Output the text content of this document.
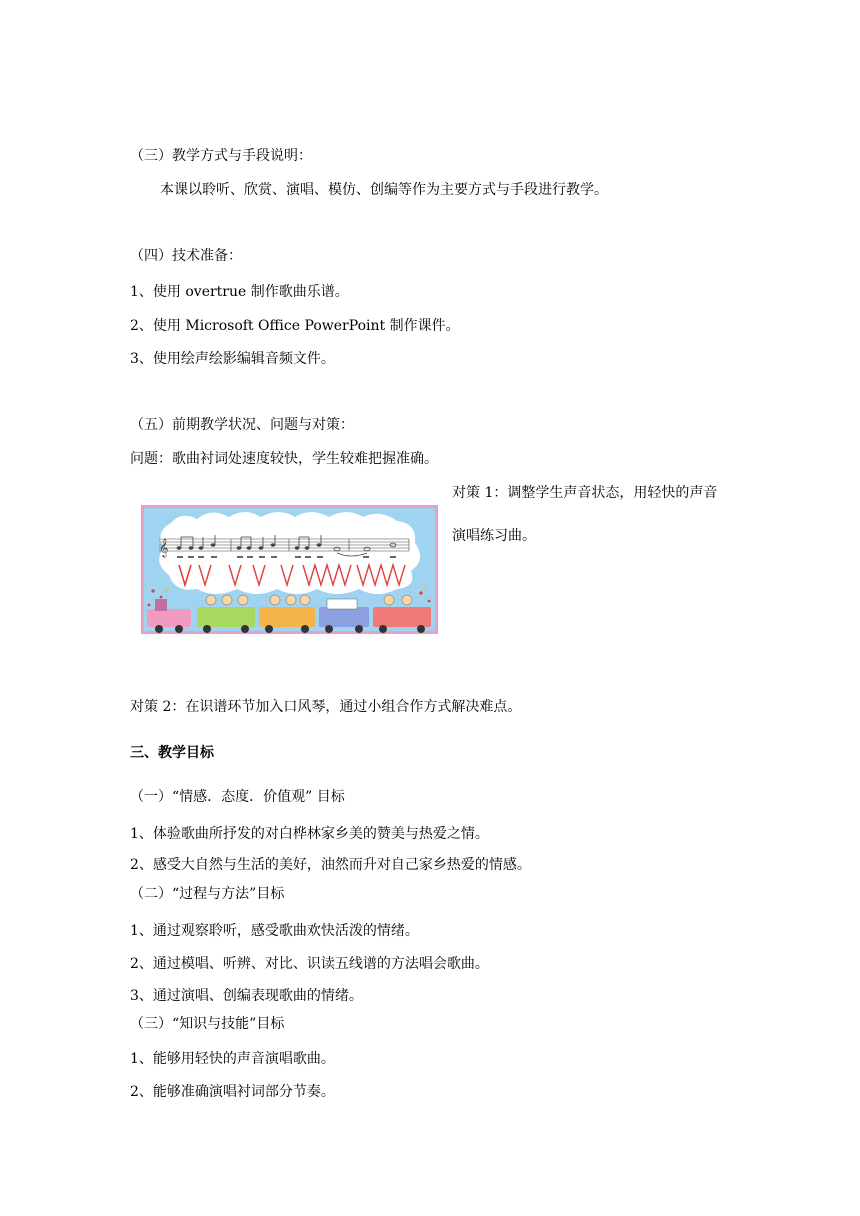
（三）教学方式与手段说明：
本课以聆听、欣赏、演唱、模仿、创编等作为主要方式与手段进行教学。
（四）技术准备：
1、使用 overtrue 制作歌曲乐谱。
2、使用 Microsoft Office PowerPoint 制作课件。
3、使用绘声绘影编辑音频文件。
（五）前期教学状况、问题与对策：
问题：歌曲衬词处速度较快，学生较难把握准确。
对策 1：调整学生声音状态，用轻快的声音
演唱练习曲。
𝄞
对策 2：在识谱环节加入口风琴，通过小组合作方式解决难点。
三、教学目标
（一）“情感．态度．价值观” 目标
1、体验歌曲所抒发的对白桦林家乡美的赞美与热爱之情。
2、感受大自然与生活的美好，油然而升对自己家乡热爱的情感。
（二）“过程与方法”目标
1、通过观察聆听，感受歌曲欢快活泼的情绪。
2、通过模唱、听辨、对比、识读五线谱的方法唱会歌曲。
3、通过演唱、创编表现歌曲的情绪。
（三）“知识与技能”目标
1、能够用轻快的声音演唱歌曲。
2、能够准确演唱衬词部分节奏。
